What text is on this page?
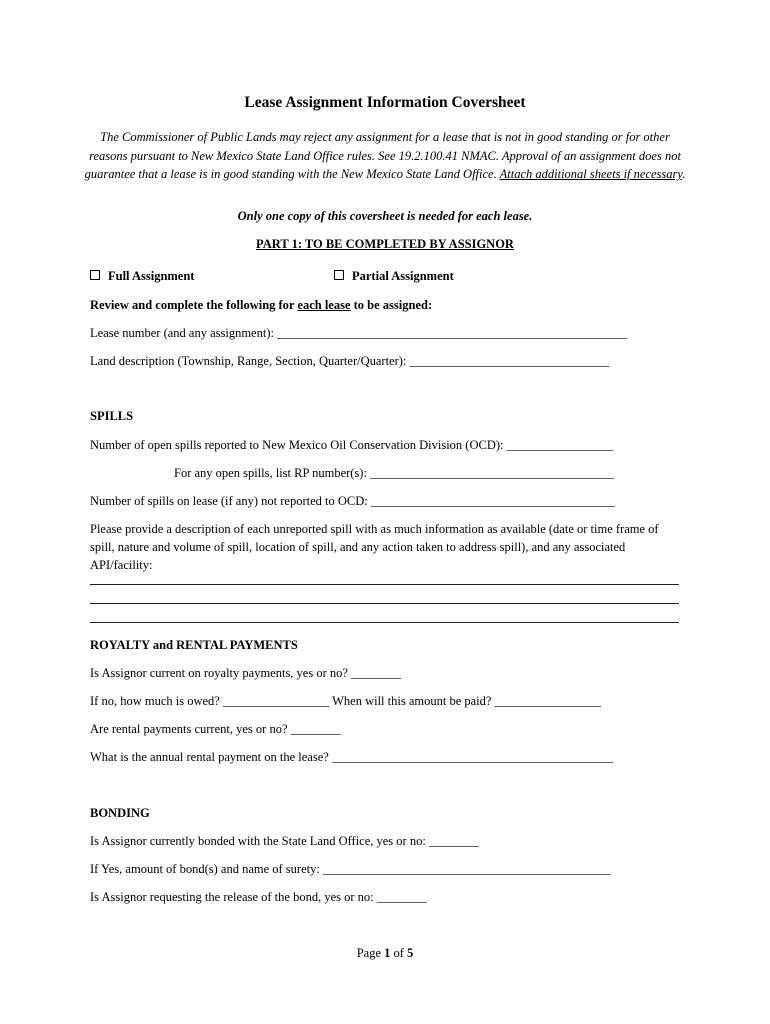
Lease Assignment Information Coversheet
The Commissioner of Public Lands may reject any assignment for a lease that is not in good standing or for other reasons pursuant to New Mexico State Land Office rules. See 19.2.100.41 NMAC. Approval of an assignment does not guarantee that a lease is in good standing with the New Mexico State Land Office. Attach additional sheets if necessary.
Only one copy of this coversheet is needed for each lease.
PART 1: TO BE COMPLETED BY ASSIGNOR
Full Assignment	Partial Assignment
Review and complete the following for each lease to be assigned:
Lease number (and any assignment): ________________________________________________________
Land description (Township, Range, Section, Quarter/Quarter): ________________________________
SPILLS
Number of open spills reported to New Mexico Oil Conservation Division (OCD): _________________
For any open spills, list RP number(s): _______________________________________
Number of spills on lease (if any) not reported to OCD: _______________________________________
Please provide a description of each unreported spill with as much information as available (date or time frame of spill, nature and volume of spill, location of spill, and any action taken to address spill), and any associated API/facility:
ROYALTY and RENTAL PAYMENTS
Is Assignor current on royalty payments, yes or no? ________
If no, how much is owed? _________________ When will this amount be paid? _________________
Are rental payments current, yes or no? ________
What is the annual rental payment on the lease? _____________________________________________
BONDING
Is Assignor currently bonded with the State Land Office, yes or no: ________
If Yes, amount of bond(s) and name of surety: ______________________________________________
Is Assignor requesting the release of the bond, yes or no: ________
Page 1 of 5
